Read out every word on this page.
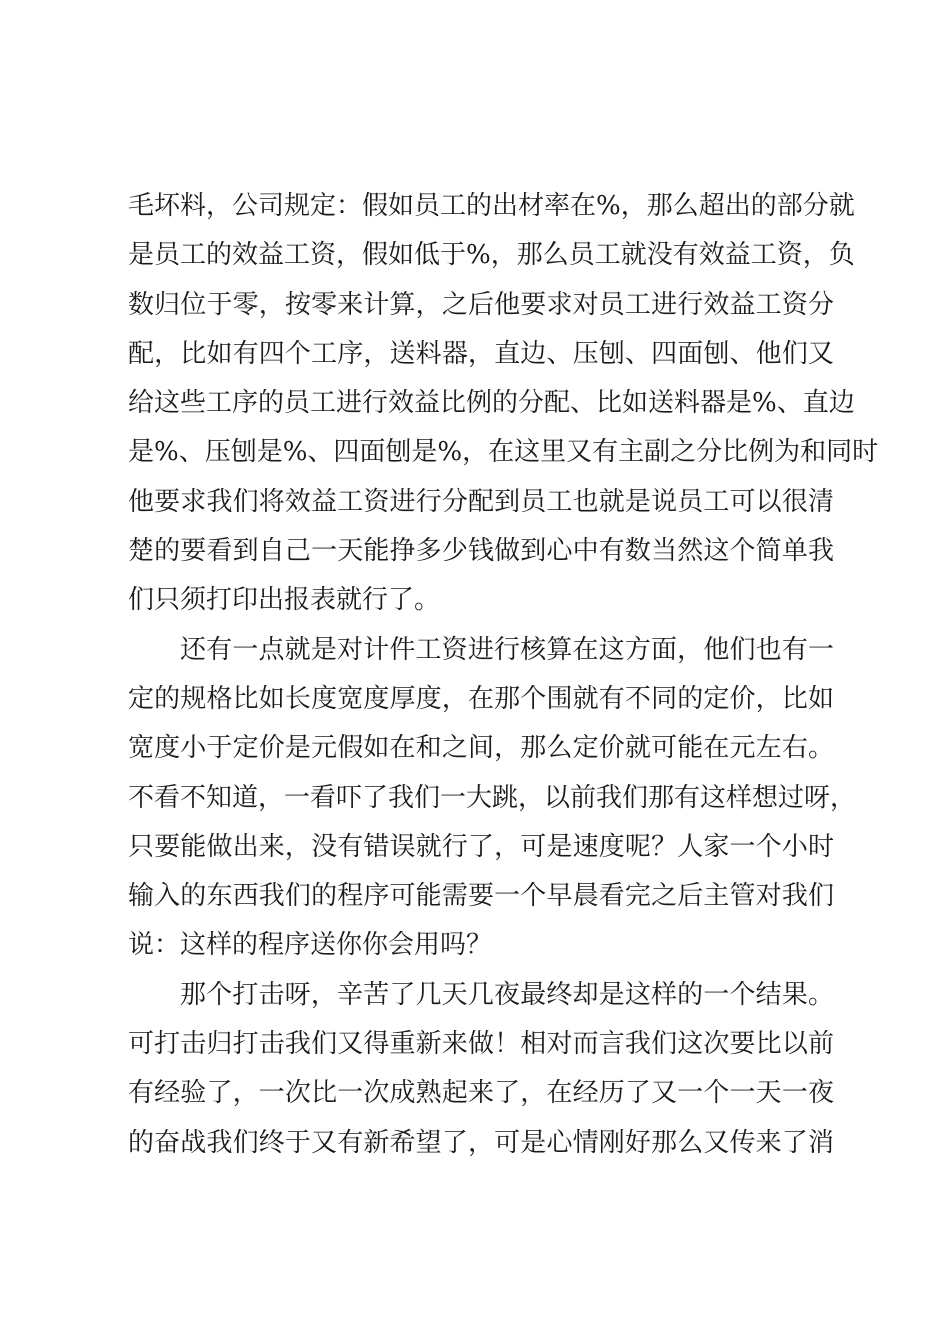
毛坏料，公司规定：假如员工的出材率在%，那么超出的部分就
是员工的效益工资，假如低于%，那么员工就没有效益工资，负
数归位于零，按零来计算，之后他要求对员工进行效益工资分
配，比如有四个工序，送料器，直边、压刨、四面刨、他们又
给这些工序的员工进行效益比例的分配、比如送料器是%、直边
是%、压刨是%、四面刨是%，在这里又有主副之分比例为和同时
他要求我们将效益工资进行分配到员工也就是说员工可以很清
楚的要看到自己一天能挣多少钱做到心中有数当然这个简单我
们只须打印出报表就行了。
还有一点就是对计件工资进行核算在这方面，他们也有一
定的规格比如长度宽度厚度，在那个围就有不同的定价，比如
宽度小于定价是元假如在和之间，那么定价就可能在元左右。
不看不知道，一看吓了我们一大跳，以前我们那有这样想过呀，
只要能做出来，没有错误就行了，可是速度呢？人家一个小时
输入的东西我们的程序可能需要一个早晨看完之后主管对我们
说：这样的程序送你你会用吗？
那个打击呀，辛苦了几天几夜最终却是这样的一个结果。
可打击归打击我们又得重新来做！相对而言我们这次要比以前
有经验了，一次比一次成熟起来了，在经历了又一个一天一夜
的奋战我们终于又有新希望了，可是心情刚好那么又传来了消
